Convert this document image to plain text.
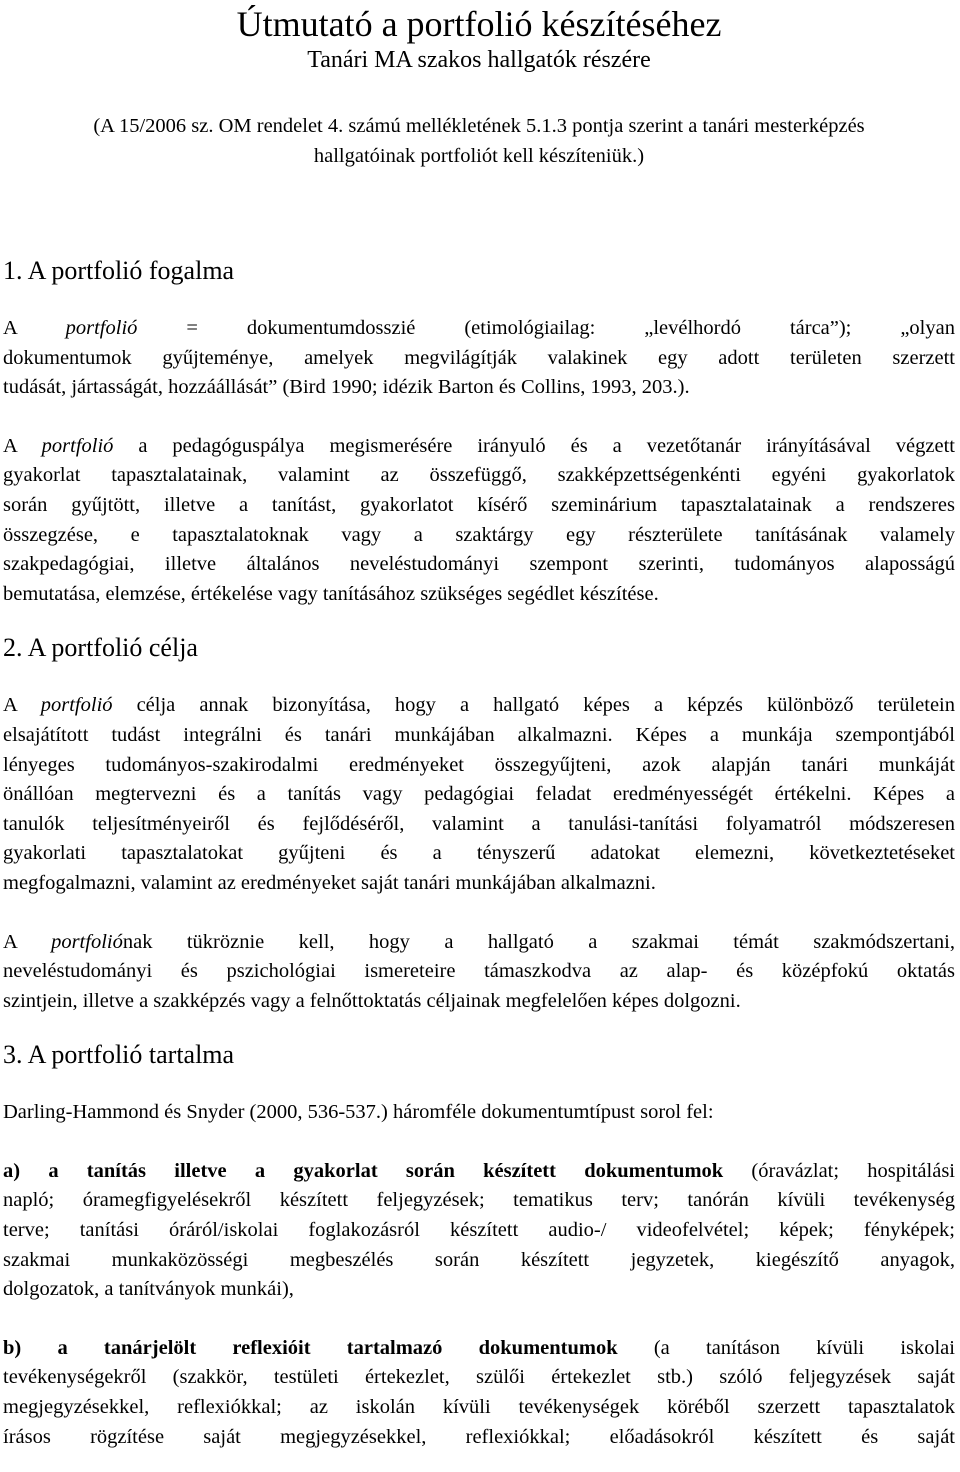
Útmutató a portfolió készítéséhez

Tanári MA szakos hallgatók részére

(A 15/2006 sz. OM rendelet 4. számú mellékletének 5.1.3 pontja szerint a tanári mesterképzés
hallgatóinak portfoliót kell készíteniük.)
1. A portfolió fogalma

A portfolió = dokumentumdosszié (etimológiailag: „levélhordó tárca”); „olyan
dokumentumok gyűjteménye, amelyek megvilágítják valakinek egy adott területen szerzett
tudását, jártasságát, hozzáállását” (Bird 1990; idézik Barton és Collins, 1993, 203.).

A portfolió a pedagóguspálya megismerésére irányuló és a vezetőtanár irányításával végzett
gyakorlat tapasztalatainak, valamint az összefüggő, szakképzettségenkénti egyéni gyakorlatok
során gyűjtött, illetve a tanítást, gyakorlatot kísérő szeminárium tapasztalatainak a rendszeres
összegzése, e tapasztalatoknak vagy a szaktárgy egy részterülete tanításának valamely
szakpedagógiai, illetve általános neveléstudományi szempont szerinti, tudományos alaposságú
bemutatása, elemzése, értékelése vagy tanításához szükséges segédlet készítése.

2. A portfolió célja

A portfolió célja annak bizonyítása, hogy a hallgató képes a képzés különböző területein
elsajátított tudást integrálni és tanári munkájában alkalmazni. Képes a munkája szempontjából
lényeges tudományos-szakirodalmi eredményeket összegyűjteni, azok alapján tanári munkáját
önállóan megtervezni és a tanítás vagy pedagógiai feladat eredményességét értékelni. Képes a
tanulók teljesítményeiről és fejlődéséről, valamint a tanulási-tanítási folyamatról módszeresen
gyakorlati tapasztalatokat gyűjteni és a tényszerű adatokat elemezni, következtetéseket
megfogalmazni, valamint az eredményeket saját tanári munkájában alkalmazni.

A portfoliónak tükröznie kell, hogy a hallgató a szakmai témát szakmódszertani,
neveléstudományi és pszichológiai ismereteire támaszkodva az alap- és középfokú oktatás
szintjein, illetve a szakképzés vagy a felnőttoktatás céljainak megfelelően képes dolgozni.

3. A portfolió tartalma

Darling-Hammond és Snyder (2000, 536-537.) háromféle dokumentumtípust sorol fel:

a) a tanítás illetve a gyakorlat során készített dokumentumok (óravázlat; hospitálási
napló; óramegfigyelésekről készített feljegyzések; tematikus terv; tanórán kívüli tevékenység
terve; tanítási óráról/iskolai foglakozásról készített audio-/ videofelvétel; képek; fényképek;
szakmai munkaközösségi megbeszélés során készített jegyzetek, kiegészítő anyagok,
dolgozatok, a tanítványok munkái),

b) a tanárjelölt reflexióit tartalmazó dokumentumok (a tanításon kívüli iskolai
tevékenységekről (szakkör, testületi értekezlet, szülői értekezlet stb.) szóló feljegyzések saját
megjegyzésekkel, reflexiókkal; az iskolán kívüli tevékenységek köréből szerzett tapasztalatok
írásos rögzítése saját megjegyzésekkel, reflexiókkal; előadásokról készített és saját
